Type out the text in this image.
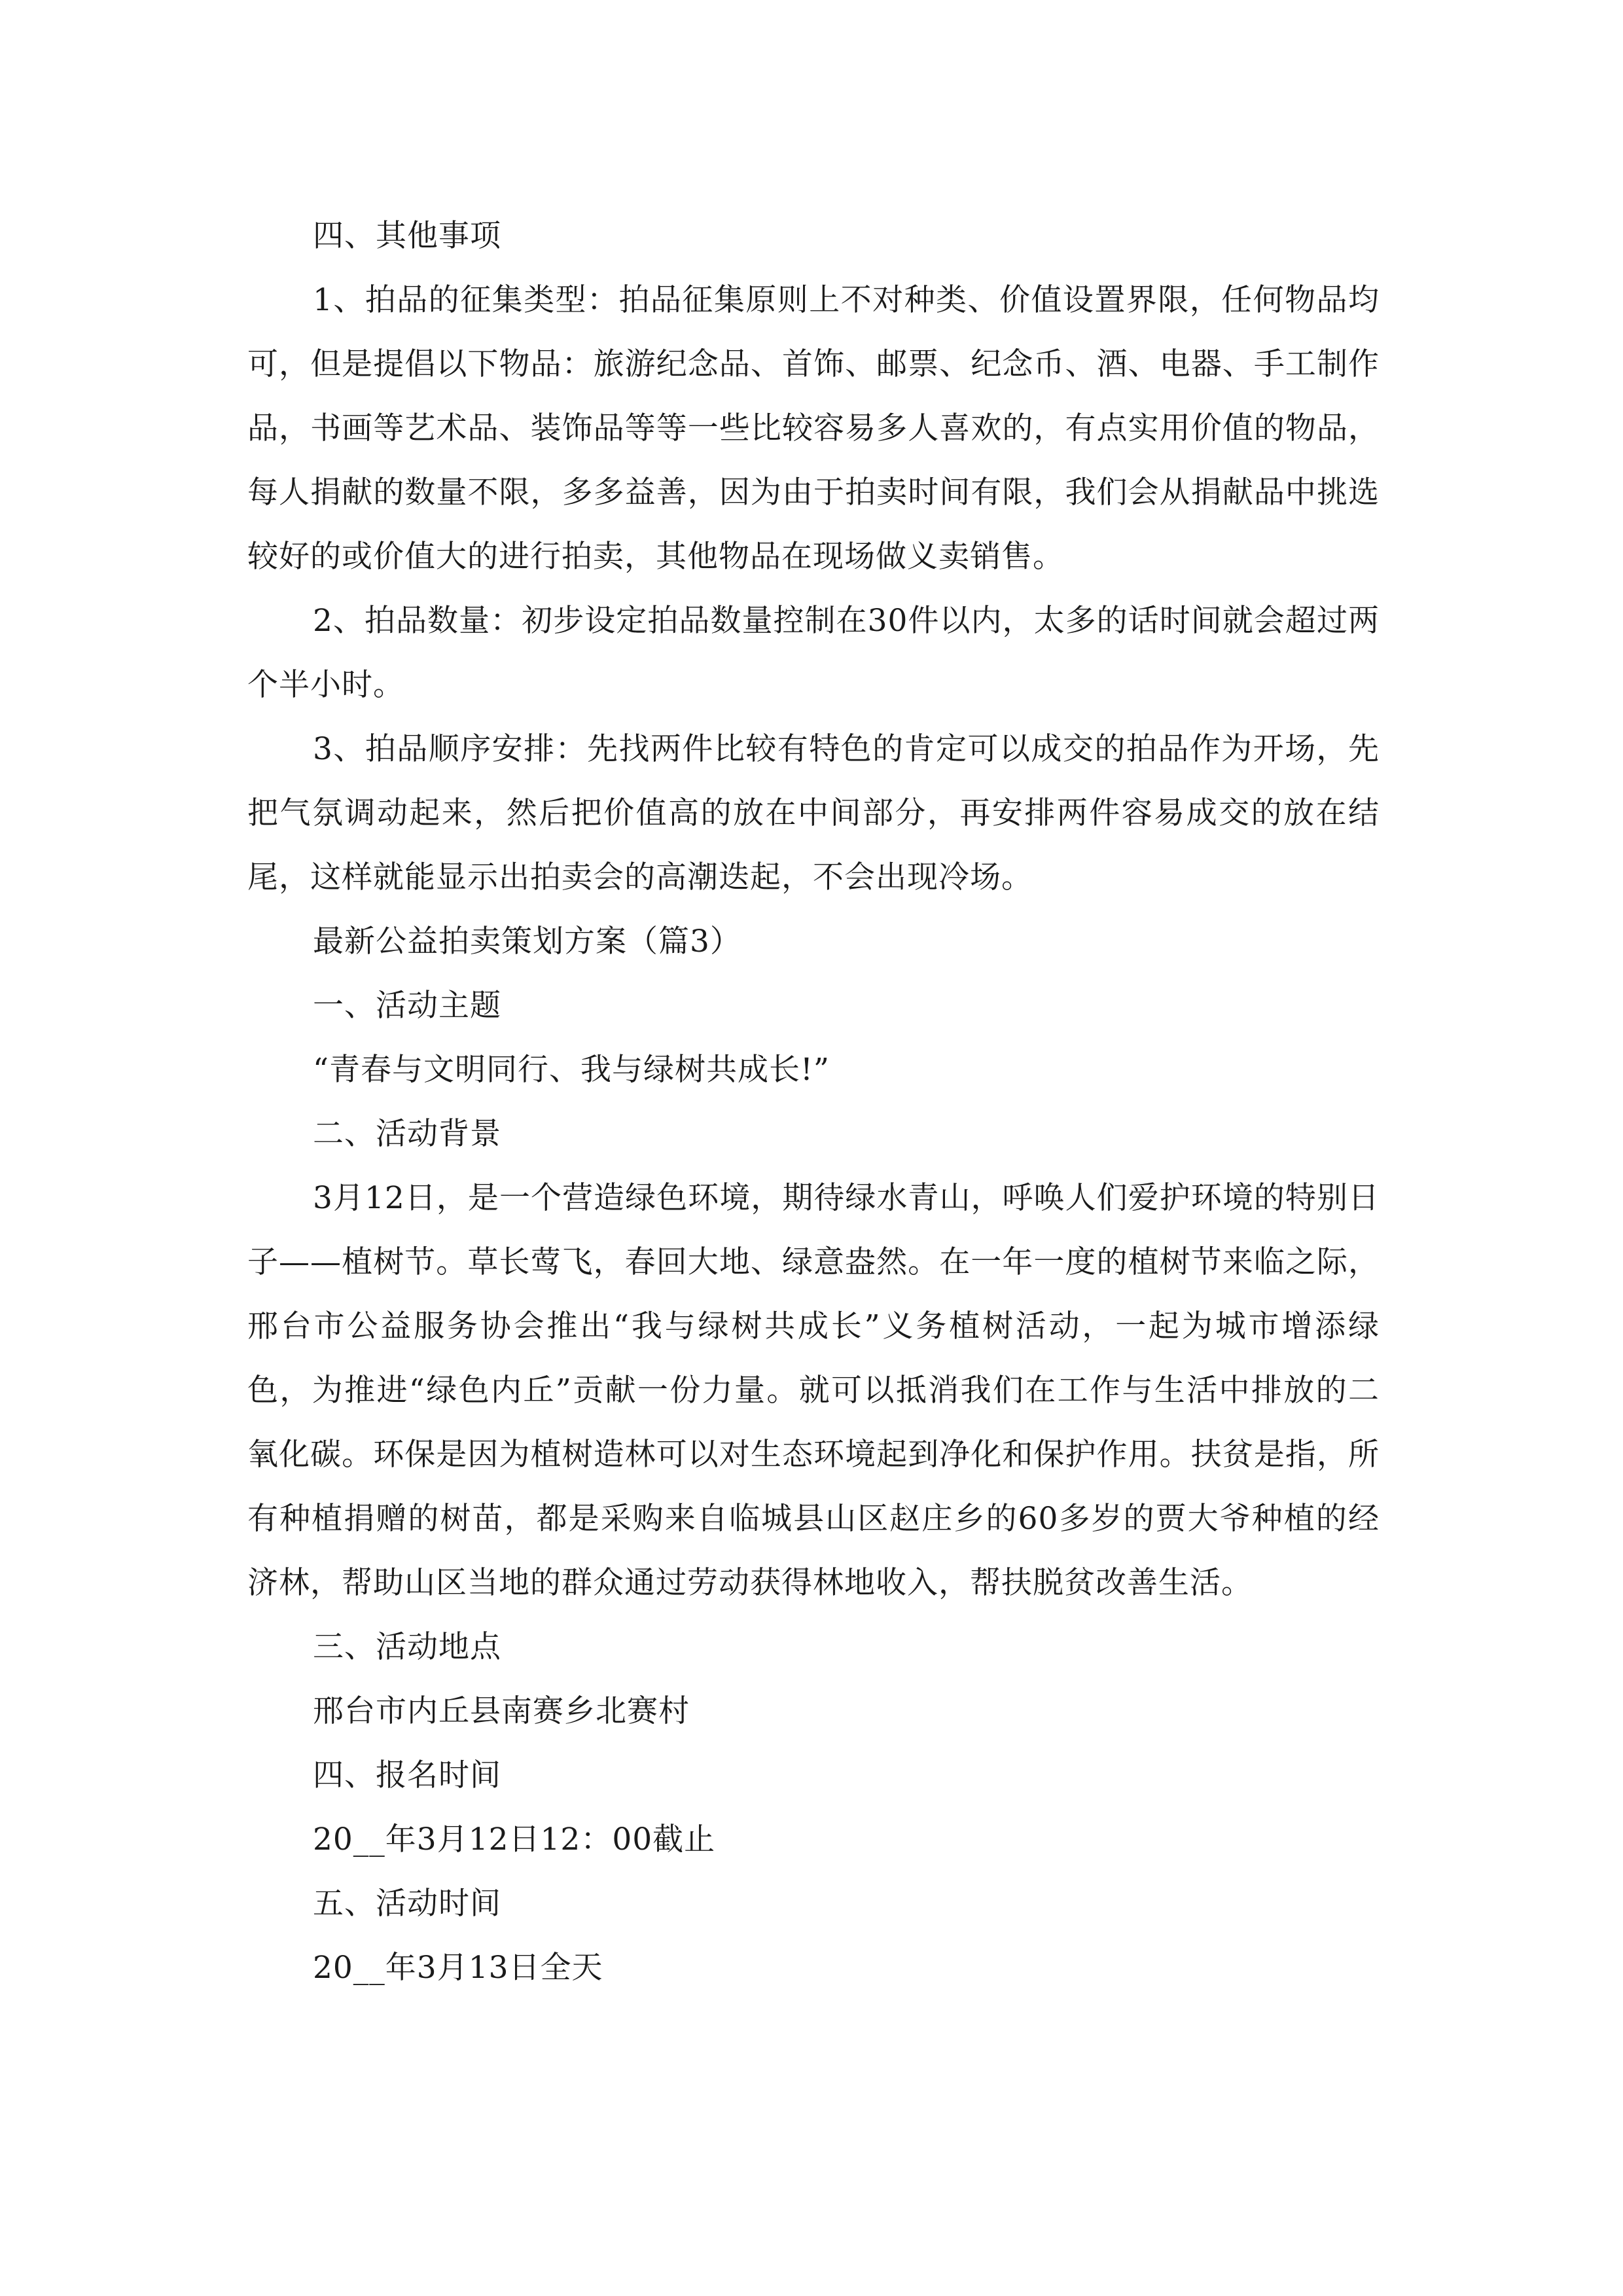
四、其他事项

1、拍品的征集类型：拍品征集原则上不对种类、价值设置界限，任何物品均可，但是提倡以下物品：旅游纪念品、首饰、邮票、纪念币、酒、电器、手工制作品，书画等艺术品、装饰品等等一些比较容易多人喜欢的，有点实用价值的物品，每人捐献的数量不限，多多益善，因为由于拍卖时间有限，我们会从捐献品中挑选较好的或价值大的进行拍卖，其他物品在现场做义卖销售。

2、拍品数量：初步设定拍品数量控制在30件以内，太多的话时间就会超过两个半小时。

3、拍品顺序安排：先找两件比较有特色的肯定可以成交的拍品作为开场，先把气氛调动起来，然后把价值高的放在中间部分，再安排两件容易成交的放在结尾，这样就能显示出拍卖会的高潮迭起，不会出现冷场。

最新公益拍卖策划方案（篇3）

一、活动主题

“青春与文明同行、我与绿树共成长!”

二、活动背景

3月12日，是一个营造绿色环境，期待绿水青山，呼唤人们爱护环境的特别日子——植树节。草长莺飞，春回大地、绿意盎然。在一年一度的植树节来临之际，邢台市公益服务协会推出“我与绿树共成长”义务植树活动，一起为城市增添绿色，为推进“绿色内丘”贡献一份力量。就可以抵消我们在工作与生活中排放的二氧化碳。环保是因为植树造林可以对生态环境起到净化和保护作用。扶贫是指，所有种植捐赠的树苗，都是采购来自临城县山区赵庄乡的60多岁的贾大爷种植的经济林，帮助山区当地的群众通过劳动获得林地收入，帮扶脱贫改善生活。

三、活动地点

邢台市内丘县南赛乡北赛村

四、报名时间

20__年3月12日12：00截止

五、活动时间

20__年3月13日全天
